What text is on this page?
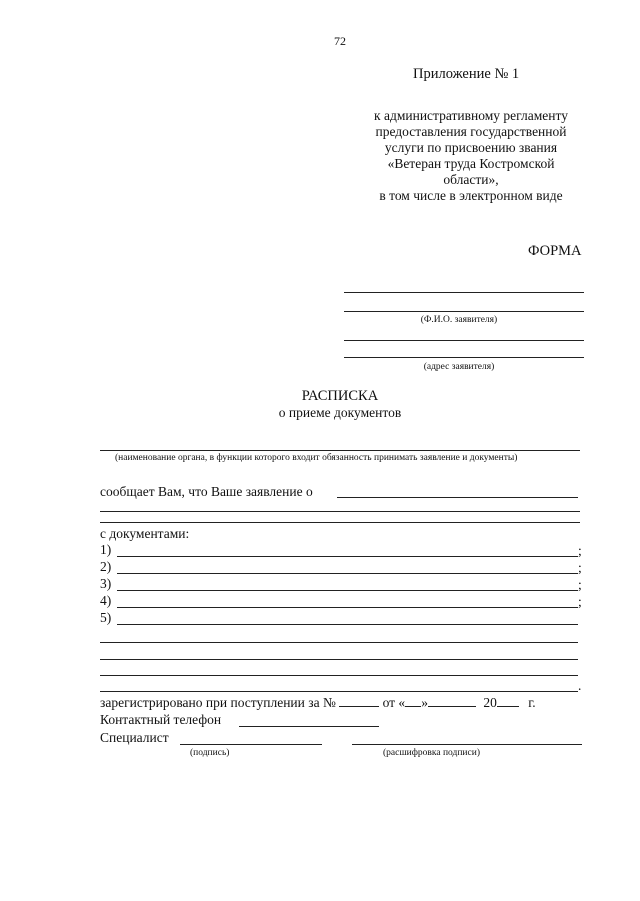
72
Приложение № 1
к административному регламенту
предоставления государственной
услуги по присвоению звания
«Ветеран труда Костромской
области»,
в том числе в электронном виде
ФОРМА
(Ф.И.О. заявителя)
(адрес заявителя)
РАСПИСКА
о приеме документов
(наименование органа, в функции которого входит обязанность принимать заявление и документы)
сообщает Вам, что Ваше заявление о
с документами:
1)	;
2)	;
3)	;
4)	;
5)
.
зарегистрировано при поступлении за №	от « »	20 г.
Контактный телефон
Специалист
(подпись)	(расшифровка подписи)
